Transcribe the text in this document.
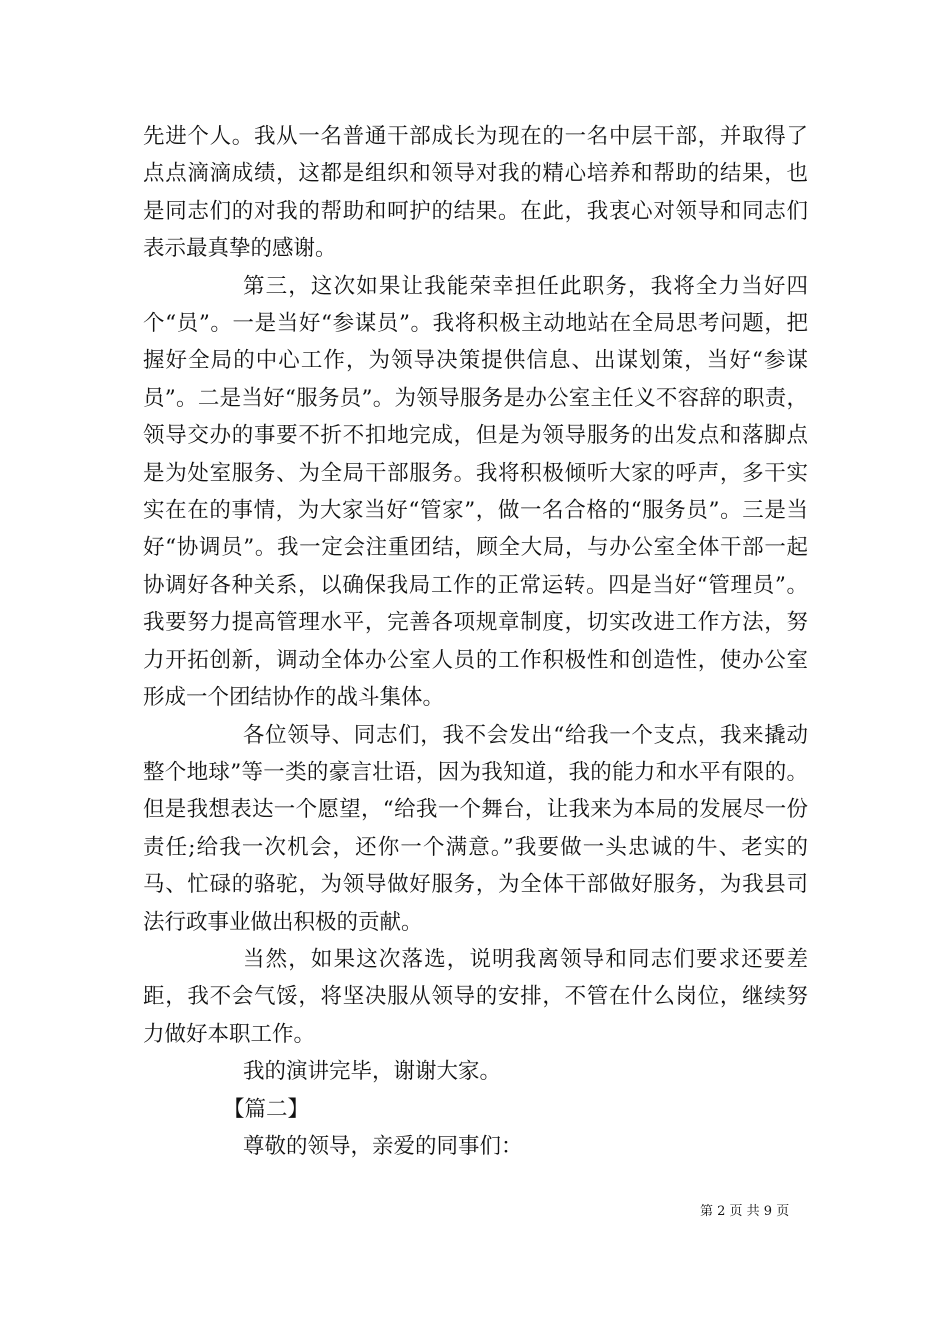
先进个人。我从一名普通干部成长为现在的一名中层干部，并取得了点点滴滴成绩，这都是组织和领导对我的精心培养和帮助的结果，也是同志们的对我的帮助和呵护的结果。在此，我衷心对领导和同志们表示最真挚的感谢。

第三，这次如果让我能荣幸担任此职务，我将全力当好四个“员”。一是当好“参谋员”。我将积极主动地站在全局思考问题，把握好全局的中心工作，为领导决策提供信息、出谋划策，当好“参谋员”。二是当好“服务员”。为领导服务是办公室主任义不容辞的职责，领导交办的事要不折不扣地完成，但是为领导服务的出发点和落脚点是为处室服务、为全局干部服务。我将积极倾听大家的呼声，多干实实在在的事情，为大家当好“管家”，做一名合格的“服务员”。三是当好“协调员”。我一定会注重团结，顾全大局，与办公室全体干部一起协调好各种关系，以确保我局工作的正常运转。四是当好“管理员”。我要努力提高管理水平，完善各项规章制度，切实改进工作方法，努力开拓创新，调动全体办公室人员的工作积极性和创造性，使办公室形成一个团结协作的战斗集体。

各位领导、同志们，我不会发出“给我一个支点，我来撬动整个地球”等一类的豪言壮语，因为我知道，我的能力和水平有限的。但是我想表达一个愿望，“给我一个舞台，让我来为本局的发展尽一份责任;给我一次机会，还你一个满意。”我要做一头忠诚的牛、老实的马、忙碌的骆驼，为领导做好服务，为全体干部做好服务，为我县司法行政事业做出积极的贡献。

当然，如果这次落选，说明我离领导和同志们要求还要差距，我不会气馁，将坚决服从领导的安排，不管在什么岗位，继续努力做好本职工作。

我的演讲完毕，谢谢大家。

【篇二】

尊敬的领导，亲爱的同事们：

第 2 页 共 9 页
